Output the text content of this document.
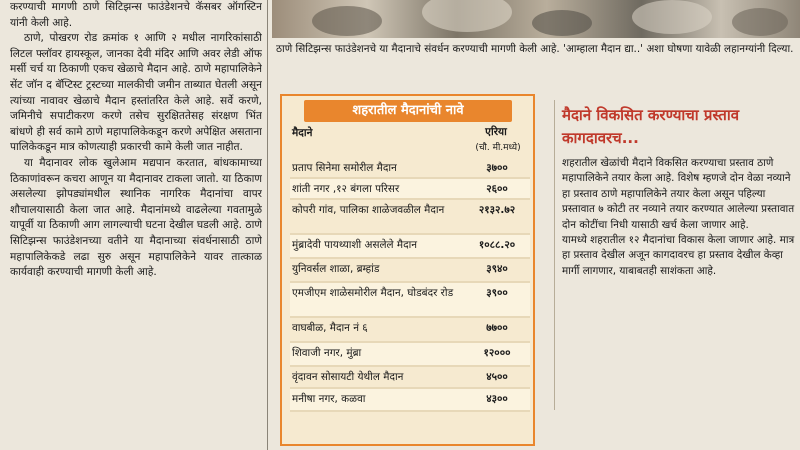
करण्याची मागणी ठाणे सिटिझन्स फाउंडेशनचे कॅसबर ऑगस्टिन यांनी केली आहे.

ठाणे, पोखरण रोड क्रमांक १ आणि २ मधील नागरिकांसाठी लिटल फ्लॉवर हायस्कूल, जानका देवी मंदिर आणि अवर लेडी ऑफ मर्सी चर्च या ठिकाणी एकच खेळाचे मैदान आहे. ठाणे महापालिकेने सेंट जॉन द बॅप्टिस्ट ट्रस्टच्या मालकीची जमीन ताब्यात घेतली असून त्यांच्या नावावर खेळाचे मैदान हस्तांतरित केले आहे. सर्वे करणे, जमिनीचे सपाटीकरण करणे तसेच सुरक्षिततेसह संरक्षण भिंत बांधणे ही सर्व कामे ठाणे महापालिकेकडून करणे अपेक्षित असताना पालिकेकडून मात्र कोणत्याही प्रकारची कामे केली जात नाहीत.

या मैदानावर लोक खुलेआम मद्यपान करतात, बांधकामाच्या ठिकाणांवरून कचरा आणून या मैदानावर टाकला जातो. या ठिकाण असलेल्या झोपड्यांमधील स्थानिक नागरिक मैदानांचा वापर शौचालयासाठी केला जात आहे. मैदानांमध्ये वाढलेल्या गवतामुळे यापूर्वी या ठिकाणी आग लागल्याची घटना देखील घडली आहे. ठाणे सिटिझन्स फाउंडेशनच्या वतीने या मैदानाच्या संवर्धनासाठी ठाणे महापालिकेकडे लढा सुरु असून महापालिकेने यावर तात्काळ कार्यवाही करण्याची मागणी केली आहे.

ठाणे सिटिझन्स फाउंडेशनचे या मैदानाचे संवर्धन करण्याची मागणी केली आहे. 'आम्हाला मैदान द्या..' अशा घोषणा यावेळी लहानग्यांनी दिल्या.
शहरातील मैदानांची नावे
मैदाने	एरिया
(चौ. मी.मध्ये)
प्रताप सिनेमा समोरील मैदान	३७००
शांती नगर ,१२ बंगला परिसर	२६००
कोपरी गांव, पालिका शाळेजवळील मैदान	२१३२.७२
मुंब्रादेवी पायथ्याशी असलेले मैदान	१०८८.२०
युनिवर्सल शाळा, ब्रम्हांड	३९४०
एमजीएम शाळेसमोरील मैदान, घोडबंदर रोड	३९००
वाघबीळ, मैदान नं ६	७७००
शिवाजी नगर, मुंब्रा	१२०००
वृंदावन सोसायटी येथील मैदान	४५००
मनीषा नगर, कळवा	४३००
मैदाने विकसित करण्याचा प्रस्ताव कागदावरच...

शहरातील खेळांची मैदाने विकसित करण्याचा प्रस्ताव ठाणे महापालिकेने तयार केला आहे. विशेष म्हणजे दोन वेळा नव्याने हा प्रस्ताव ठाणे महापालिकेने तयार केला असून पहिल्या प्रस्तावात ७ कोटी तर नव्याने तयार करण्यात आलेल्या प्रस्तावात दोन कोटींचा निधी यासाठी खर्च केला जाणार आहे.

यामध्ये शहरातील १२ मैदानांचा विकास केला जाणार आहे. मात्र हा प्रस्ताव देखील अजून कागदावरच हा प्रस्ताव देखील केव्हा मार्गी लागणार, याबाबतही साशंकता आहे.
